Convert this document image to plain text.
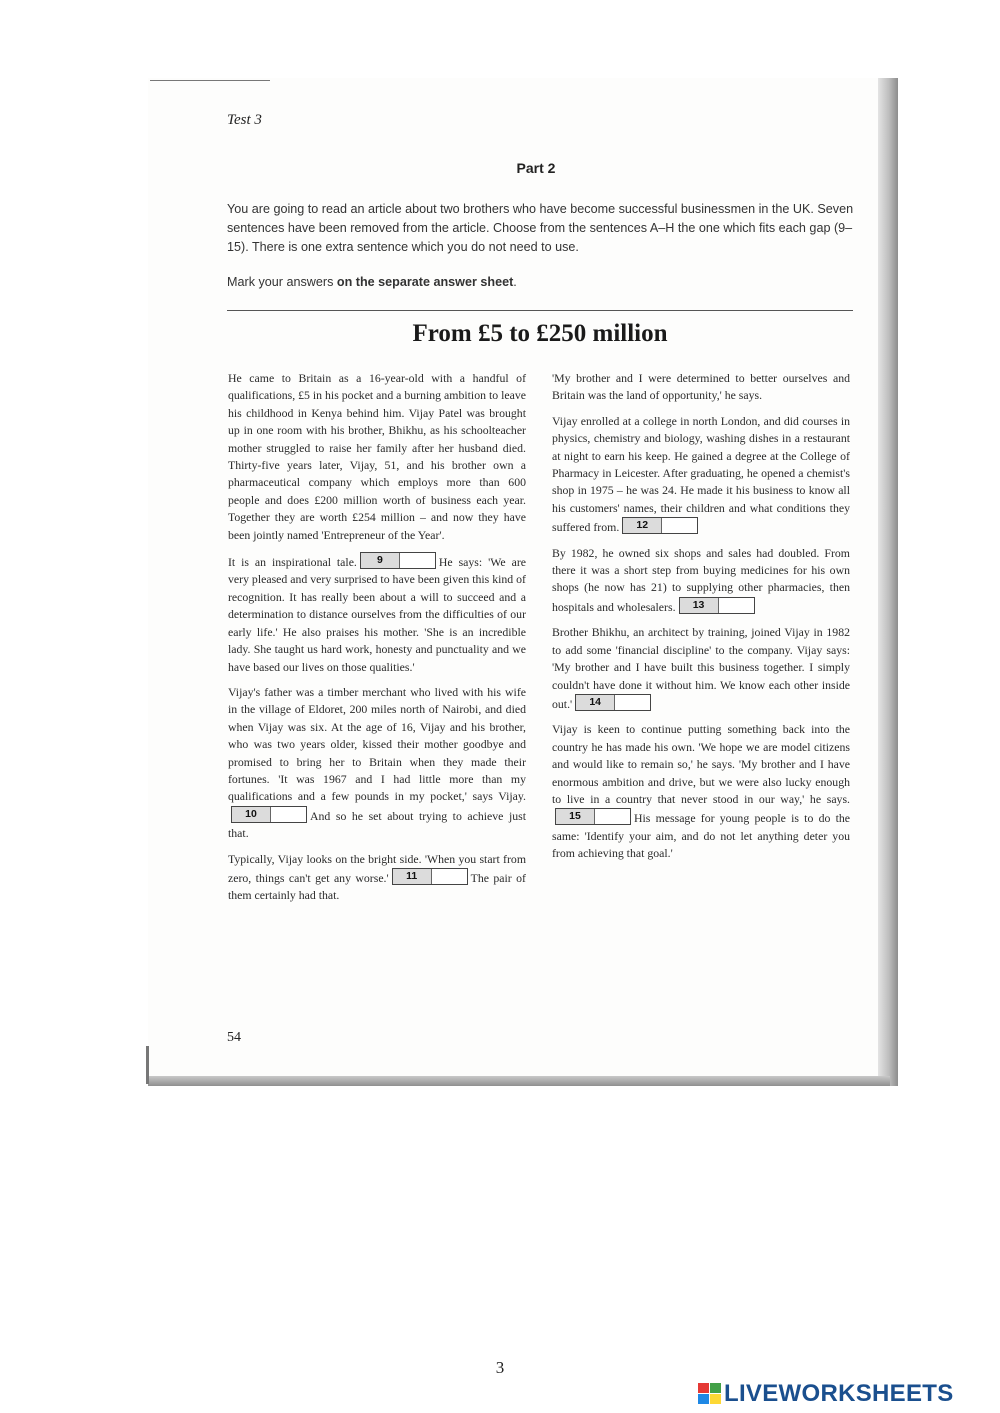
Test 3
Part 2

You are going to read an article about two brothers who have become successful businessmen in the UK. Seven sentences have been removed from the article. Choose from the sentences A–H the one which fits each gap (9–15). There is one extra sentence which you do not need to use.

Mark your answers on the separate answer sheet.

From £5 to £250 million

He came to Britain as a 16-year-old with a handful of qualifications, £5 in his pocket and a burning ambition to leave his childhood in Kenya behind him. Vijay Patel was brought up in one room with his brother, Bhikhu, as his schoolteacher mother struggled to raise her family after her husband died. Thirty-five years later, Vijay, 51, and his brother own a pharmaceutical company which employs more than 600 people and does £200 million worth of business each year. Together they are worth £254 million – and now they have been jointly named 'Entrepreneur of the Year'.

It is an inspirational tale.	9	He says: 'We are very pleased and very surprised to have been given this kind of recognition. It has really been about a will to succeed and a determination to distance ourselves from the difficulties of our early life.' He also praises his mother. 'She is an incredible lady. She taught us hard work, honesty and punctuality and we have based our lives on those qualities.'

Vijay's father was a timber merchant who lived with his wife in the village of Eldoret, 200 miles north of Nairobi, and died when Vijay was six. At the age of 16, Vijay and his brother, who was two years older, kissed their mother goodbye and promised to bring her to Britain when they made their fortunes. 'It was 1967 and I had little more than my qualifications and a few pounds in my pocket,' says Vijay.
10	And so he set about trying to achieve just that.

Typically, Vijay looks on the bright side. 'When you start from zero, things can't get any worse.'	11	The pair of them certainly had that.

'My brother and I were determined to better ourselves and Britain was the land of opportunity,' he says.

Vijay enrolled at a college in north London, and did courses in physics, chemistry and biology, washing dishes in a restaurant at night to earn his keep. He gained a degree at the College of Pharmacy in Leicester. After graduating, he opened a chemist's shop in 1975 – he was 24. He made it his business to know all his customers' names, their children and what conditions they suffered from.	12

By 1982, he owned six shops and sales had doubled. From there it was a short step from buying medicines for his own shops (he now has 21) to supplying other pharmacies, then hospitals and wholesalers.	13

Brother Bhikhu, an architect by training, joined Vijay in 1982 to add some 'financial discipline' to the company. Vijay says: 'My brother and I have built this business together. I simply couldn't have done it without him. We know each other inside out.'	14

Vijay is keen to continue putting something back into the country he has made his own. 'We hope we are model citizens and would like to remain so,' he says. 'My brother and I have enormous ambition and drive, but we were also lucky enough to live in a country that never stood in our way,' he says.
15	His message for young people is to do the same: 'Identify your aim, and do not let anything deter you from achieving that goal.'

54
3
LIVEWORKSHEETS
